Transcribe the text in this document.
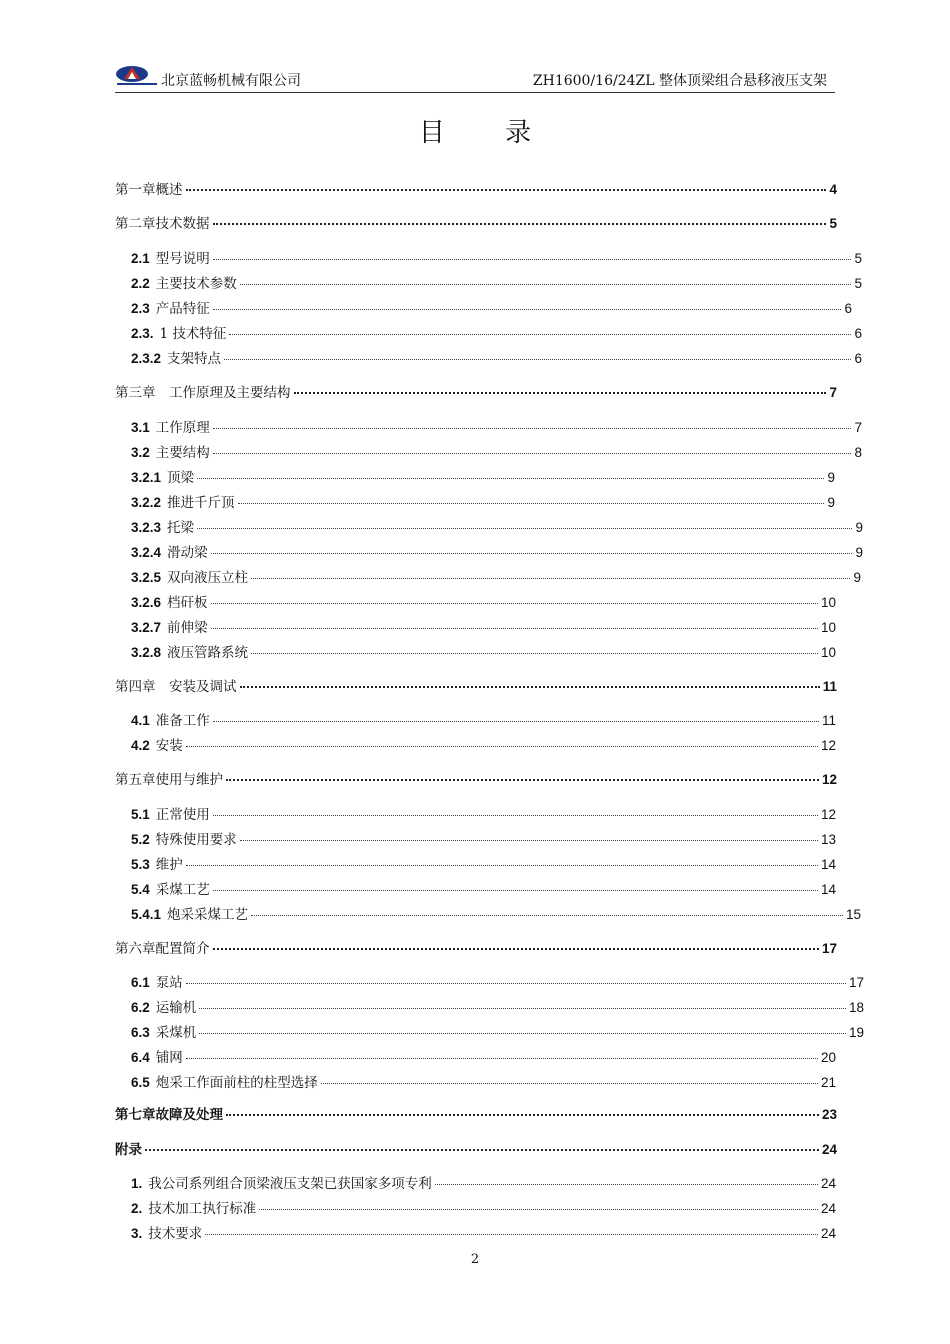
北京蓝畅机械有限公司	ZH1600/16/24ZL 整体顶梁组合悬移液压支架
目 录
第一章概述	4
第二章技术数据	5
2.1 型号说明	5
2.2 主要技术参数	5
2.3 产品特征	6
2.3. 1 技术特征	6
2.3.2 支架特点	6
第三章　工作原理及主要结构	7
3.1 工作原理	7
3.2 主要结构	8
3.2.1 顶梁	9
3.2.2 推进千斤顶	9
3.2.3 托梁	9
3.2.4 滑动梁	9
3.2.5 双向液压立柱	9
3.2.6 档矸板	10
3.2.7 前伸梁	10
3.2.8 液压管路系统	10
第四章　安装及调试	11
4.1 准备工作	11
4.2 安装	12
第五章使用与维护	12
5.1 正常使用	12
5.2 特殊使用要求	13
5.3 维护	14
5.4 采煤工艺	14
5.4.1 炮采采煤工艺	15
第六章配置简介	17
6.1 泵站	17
6.2 运输机	18
6.3 采煤机	19
6.4 铺网	20
6.5 炮采工作面前柱的柱型选择	21
第七章故障及处理	23
附录	24
1. 我公司系列组合顶梁液压支架已获国家多项专利	24
2. 技术加工执行标准	24
3. 技术要求	24
2
